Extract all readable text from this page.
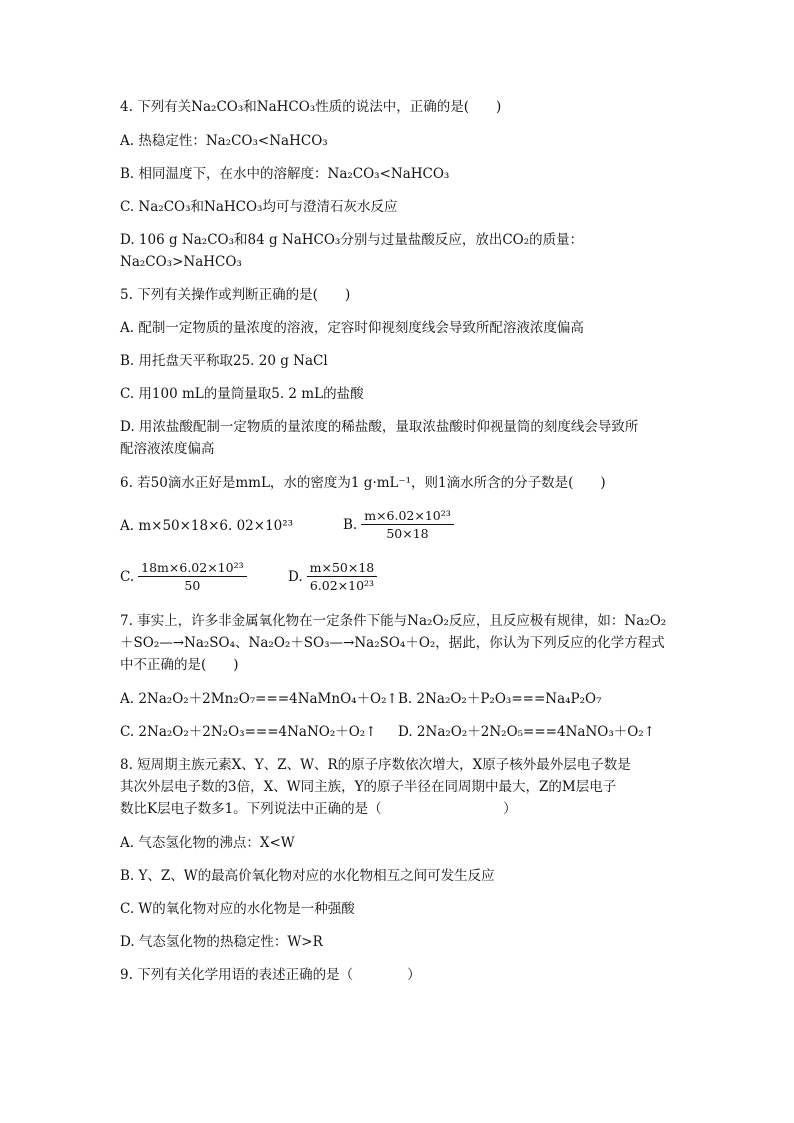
4. 下列有关Na₂CO₃和NaHCO₃性质的说法中，正确的是(　　)
A. 热稳定性：Na₂CO₃<NaHCO₃
B. 相同温度下，在水中的溶解度：Na₂CO₃<NaHCO₃
C. Na₂CO₃和NaHCO₃均可与澄清石灰水反应
D. 106 g Na₂CO₃和84 g NaHCO₃分别与过量盐酸反应，放出CO₂的质量：
Na₂CO₃>NaHCO₃
5. 下列有关操作或判断正确的是(　　)
A. 配制一定物质的量浓度的溶液，定容时仰视刻度线会导致所配溶液浓度偏高
B. 用托盘天平称取25. 20 g NaCl
C. 用100 mL的量筒量取5. 2 mL的盐酸
D. 用浓盐酸配制一定物质的量浓度的稀盐酸，量取浓盐酸时仰视量筒的刻度线会导致所
配溶液浓度偏高
6. 若50滴水正好是mmL，水的密度为1 g·mL⁻¹，则1滴水所含的分子数是(　　)
A. m×50×18×6. 02×10²³	B. $\frac{\text{m×6.02×10²³}}{50\times 18}$
C. $\frac{\text{18m×6.02×10²³}}{50}$	D. $\frac{m\times 50\times 18}{\text{6.02×10²³}}$
7. 事实上，许多非金属氧化物在一定条件下能与Na₂O₂反应，且反应极有规律，如：Na₂O₂
＋SO₂—→Na₂SO₄、Na₂O₂＋SO₃—→Na₂SO₄＋O₂，据此，你认为下列反应的化学方程式
中不正确的是(　　)
A. 2Na₂O₂＋2Mn₂O₇===4NaMnO₄＋O₂↑ B. 2Na₂O₂＋P₂O₃===Na₄P₂O₇
C. 2Na₂O₂＋2N₂O₃===4NaNO₂＋O₂↑ D. 2Na₂O₂＋2N₂O₅===4NaNO₃＋O₂↑
8. 短周期主族元素X、Y、Z、W、R的原子序数依次增大，X原子核外最外层电子数是
其次外层电子数的3倍，X、W同主族，Y的原子半径在同周期中最大，Z的M层电子
数比K层电子数多1。下列说法中正确的是（　　　　　　　　　）
A. 气态氢化物的沸点：X<W
B. Y、Z、W的最高价氧化物对应的水化物相互之间可发生反应
C. W的氧化物对应的水化物是一种强酸
D. 气态氢化物的热稳定性：W>R
9. 下列有关化学用语的表述正确的是（　　　　）
